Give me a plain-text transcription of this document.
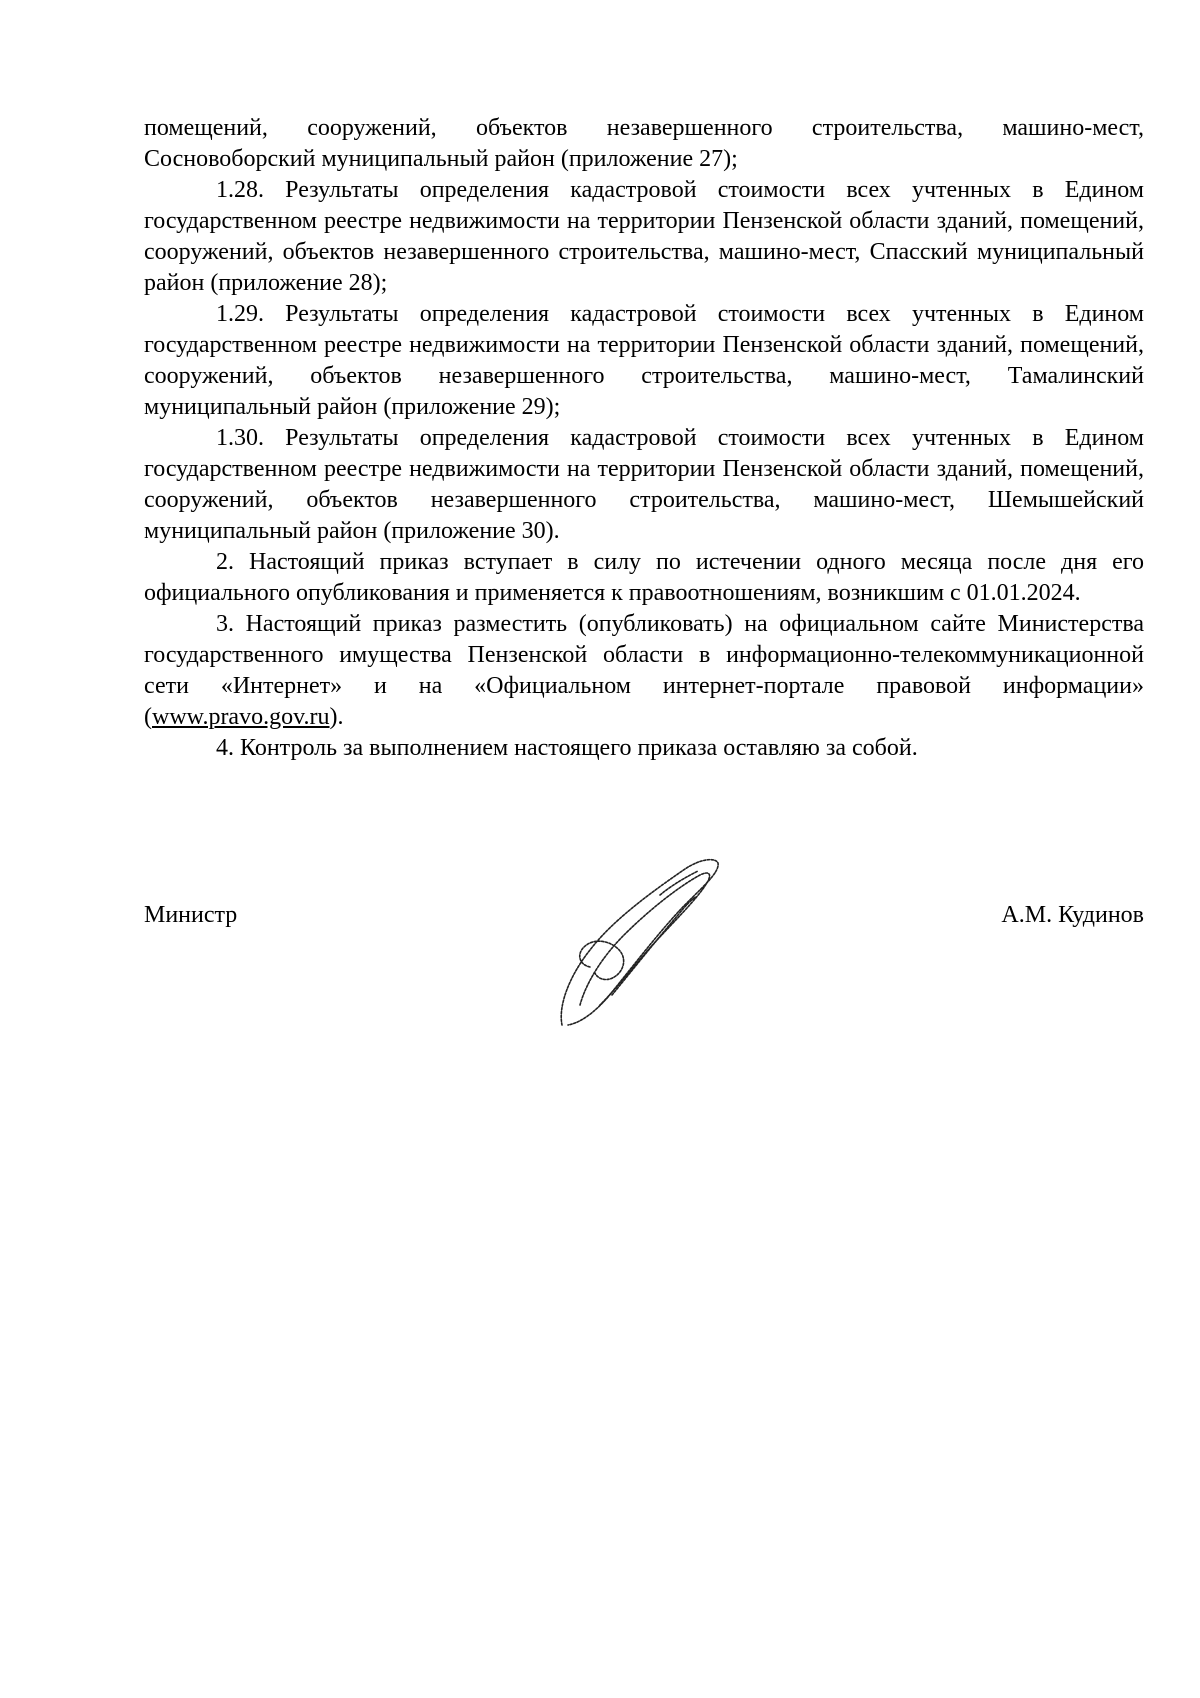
помещений, сооружений, объектов незавершенного строительства, машино-мест, Сосновоборский муниципальный район (приложение 27);

1.28. Результаты определения кадастровой стоимости всех учтенных в Едином государственном реестре недвижимости на территории Пензенской области зданий, помещений, сооружений, объектов незавершенного строительства, машино-мест, Спасский муниципальный район (приложение 28);

1.29. Результаты определения кадастровой стоимости всех учтенных в Едином государственном реестре недвижимости на территории Пензенской области зданий, помещений, сооружений, объектов незавершенного строительства, машино-мест, Тамалинский муниципальный район (приложение 29);

1.30. Результаты определения кадастровой стоимости всех учтенных в Едином государственном реестре недвижимости на территории Пензенской области зданий, помещений, сооружений, объектов незавершенного строительства, машино-мест, Шемышейский муниципальный район (приложение 30).

2. Настоящий приказ вступает в силу по истечении одного месяца после дня его официального опубликования и применяется к правоотношениям, возникшим с 01.01.2024.

3. Настоящий приказ разместить (опубликовать) на официальном сайте Министерства государственного имущества Пензенской области в информационно-телекоммуникационной сети «Интернет» и на «Официальном интернет-портале правовой информации» (www.pravo.gov.ru).

4. Контроль за выполнением настоящего приказа оставляю за собой.

Министр	А.М. Кудинов
